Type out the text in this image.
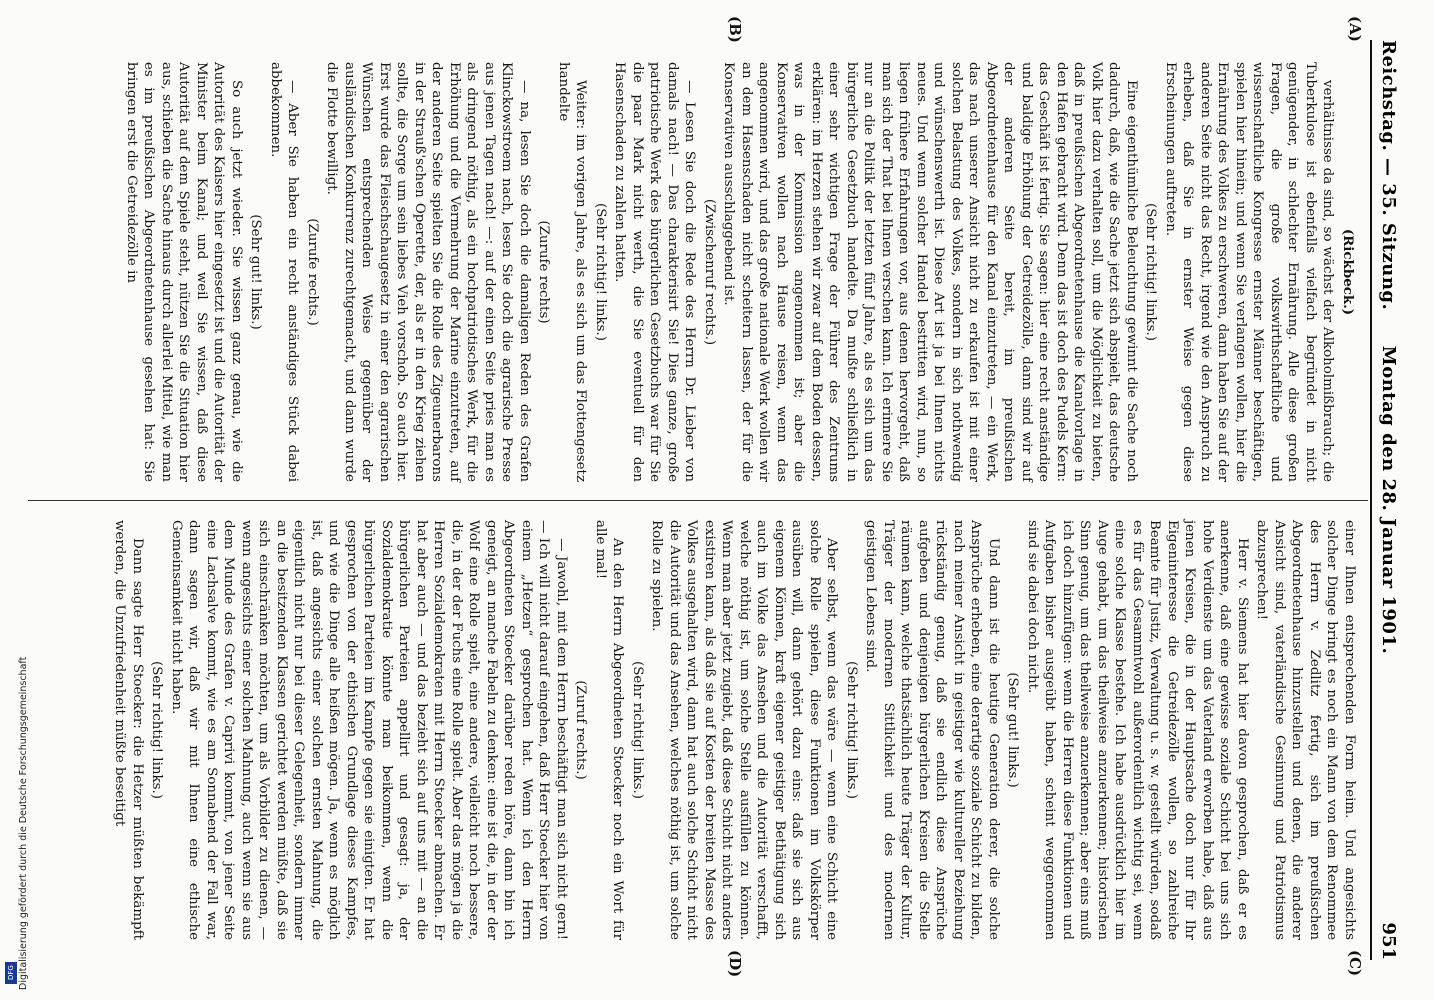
Reichstag. — 35. Sitzung.
Montag den 28. Januar 1901.
951
(A)
(B)
(C)
(D)

(Rickbeck.)

verhältnisse da sind, so wächst der Alkoholmißbrauch; die Tuberkulose ist ebenfalls vielfach begründet in nicht genügender, in schlechter Ernährung. Alle diese großen Fragen, die große volkswirthschaftliche und wissenschaftliche Kongresse ernster Männer beschäftigen, spielen hier hinein; und wenn Sie verlangen wollen, hier die Ernährung des Volkes zu erschweren, dann haben Sie auf der anderen Seite nicht das Recht, irgend wie den Anspruch zu erheben, daß Sie in ernster Weise gegen diese Erscheinungen auftreten.

(Sehr richtig! links.)

Eine eigenthümliche Beleuchtung gewinnt die Sache noch dadurch, daß, wie die Sache jetzt sich abspielt, das deutsche Volk hier dazu verhalten soll, um die Möglichkeit zu bieten, daß in preußischen Abgeordnetenhause die Kanalvorlage in den Hafen gebracht wird. Denn das ist doch des Pudels Kern: das Geschäft ist fertig. Sie sagen: hier eine recht anständige und baldige Erhöhung der Getreidezölle, dann sind wir auf der anderen Seite bereit, im preußischen Abgeordnetenhause für den Kanal einzutreten, — ein Werk, das nach unserer Ansicht nicht zu erkaufen ist mit einer solchen Belastung des Volkes, sondern in sich nothwendig und wünschenswerth ist. Diese Art ist ja bei Ihnen nichts neues. Und wenn solcher Handel bestritten wird, nun, so liegen frühere Erfahrungen vor, aus denen hervorgeht, daß man sich der That bei Ihnen verschen kann. Ich erinnere Sie nur an die Politik der letzten fünf Jahre, als es sich um das bürgerliche Gesetzbuch handelte. Da mußte schließlich in einer sehr wichtigen Frage der Führer des Zentrums erklären: im Herzen stehen wir zwar auf dem Boden dessen, was in der Kommission angenommen ist; aber die Konservativen wollen nach Hause reisen, wenn das angenommen wird, und das große nationale Werk wollen wir an dem Hasenschaden nicht scheitern lassen, der für die Konservativen ausschlaggebend ist.

(Zwischenruf rechts.)

— Lesen Sie doch die Rede des Herrn Dr. Lieber von damals nach! — Das charakterisirt Sie! Dies ganze, große patriotische Werk des bürgerlichen Gesetzbuchs war für Sie die paar Mark nicht werth, die Sie eventuell für den Hasenschaden zu zahlen hatten.

(Sehr richtig! links.)

Weiter: im vorigen Jahre, als es sich um das Flottengesetz handelte

(Zurufe rechts)

— na, lesen Sie doch die damaligen Reden des Grafen Klinckowstroem nach, lesen Sie doch die agrarische Presse aus jenen Tagen nach! —: auf der einen Seite pries man es als dringend nöthig, als ein hochpatriotisches Werk, für die Erhöhung und die Vermehrung der Marine einzutreten, auf der anderen Seite spielten Sie die Rolle des Zigeunerbarons in der Strauß'schen Operette, der, als er in den Krieg ziehen sollte, die Sorge um sein liebes Vieh vorschob. So auch hier. Erst wurde das Fleischschaugesetz in einer den agrarischen Wünschen entsprechenden Weise gegenüber der ausländischen Konkurrenz zurechtgemacht, und dann wurde die Flotte bewilligt.

(Zurufe rechts.)

— Aber Sie haben ein recht anständiges Stück dabei abbekommen.

(Sehr gut! links.)

So auch jetzt wieder. Sie wissen ganz genau, wie die Autorität des Kaisers hier eingesetzt ist und die Autorität der Minister beim Kanal; und weil Sie wissen, daß diese Autorität auf dem Spiele steht, nützen Sie die Situation hier aus, schieben die Sache hinaus durch allerlei Mittel, wie man es im preußischen Abgeordnetenhause gesehen hat: Sie bringen erst die Getreidezölle in

einer Ihnen entsprechenden Form heim. Und angesichts solcher Dinge bringt es noch ein Mann von dem Renommee des Herrn v. Zedlitz fertig, sich im preußischen Abgeordnetenhause hinzustellen und denen, die anderer Ansicht sind, vaterländische Gesinnung und Patriotismus abzusprechen!

Herr v. Siemens hat hier davon gesprochen, daß er es anerkenne, daß eine gewisse soziale Schicht bei uns sich hohe Verdienste um das Vaterland erworben habe, daß aus jenen Kreisen, die in der Hauptsache doch nur für Ihr Eigeninteresse die Getreidezölle wollen, so zahlreiche Beamte für Justiz, Verwaltung u. s. w. gestellt würden, sodaß es für das Gesammtwohl außerordentlich wichtig sei, wenn eine solche Klasse bestehe. Ich habe ausdrücklich hier im Auge gehabt, um das theilweise anzuerkennen; historischen Sinn genug, um das theilweise anzuerkennen; aber eins muß ich doch hinzufügen: wenn die Herren diese Funktionen und Aufgaben bisher ausgeübt haben, scheint weggenommen sind sie dabei doch nicht.

(Sehr gut! links.)

Und dann ist die heutige Generation derer, die solche Ansprüche erheben, eine derartige soziale Schicht zu bilden, nach meiner Ansicht in geistiger wie kultureller Beziehung rückständig genug, daß sie endlich diese Ansprüche aufgeben und denjenigen bürgerlichen Kreisen die Stelle räumen kann, welche thatsächlich heute Träger der Kultur, Träger der modernen Sittlichkeit und des modernen geistigen Lebens sind.

(Sehr richtig! links.)

Aber selbst, wenn das wäre — wenn eine Schicht eine solche Rolle spielen, diese Funktionen im Volkskörper ausüben will, dann gehört dazu eins: daß sie sich aus eigenem Können, kraft eigener geistiger Bethätigung sich auch im Volke das Ansehen und die Autorität verschafft, welche nöthig ist, um solche Stelle ausfüllen zu können. Wenn man aber jetzt zugiebt, daß diese Schicht nicht anders existiren kann, als daß sie auf Kosten der breiten Masse des Volkes ausgehalten wird, dann hat auch solche Schicht nicht die Autorität und das Ansehen, welches nöthig ist, um solche Rolle zu spielen.

(Sehr richtig! links.)

An den Herrn Abgeordneten Stoecker noch ein Wort für alle mal!

(Zuruf rechts.)

— Jawohl, mit dem Herrn beschäftigt man sich nicht gern! — Ich will nicht darauf eingehen, daß Herr Stoecker hier von einem „Hetzen“ gesprochen hat. Wenn ich den Herrn Abgeordneten Stoecker darüber reden höre, dann bin ich geneigt, an manche Fabeln zu denken: eine ist die, in der der Wolf eine Rolle spielt, eine andere, vielleicht noch bessere, die, in der der Fuchs eine Rolle spielt. Aber das mögen ja die Herren Sozialdemokraten mit Herrn Stoecker abmachen. Er hat aber auch — und das bezieht sich auf uns mit — an die bürgerlichen Parteien appellirt und gesagt: ja, der Sozialdemokratie könnte man beikommen, wenn die bürgerlichen Parteien im Kampfe gegen sie einigten. Er hat gesprochen von der ethischen Grundlage dieses Kampfes, und wie die Dinge alle heißen mögen. Ja, wenn es möglich ist, daß angesichts einer solchen ernsten Mahnung, die eigentlich nicht nur bei dieser Gelegenheit, sondern immer an die besitzenden Klassen gerichtet werden müßte, daß sie sich einschränken möchten, um als Vorbilder zu dienen, — wenn angesichts einer solchen Mahnung, auch wenn sie aus dem Munde des Grafen v. Caprivi kommt, von jener Seite eine Lachsalve kommt, wie es am Sonnabend der Fall war, dann sagen wir, daß wir mit Ihnen eine ethische Gemeinsamkeit nicht haben.

(Sehr richtig! links.)

Dann sagte Herr Stoecker: die Hetzer müßten bekämpft werden, die Unzufriedenheit müßte beseitigt

DFG Digitalisierung gefördert durch die Deutsche Forschungsgemeinschaft
